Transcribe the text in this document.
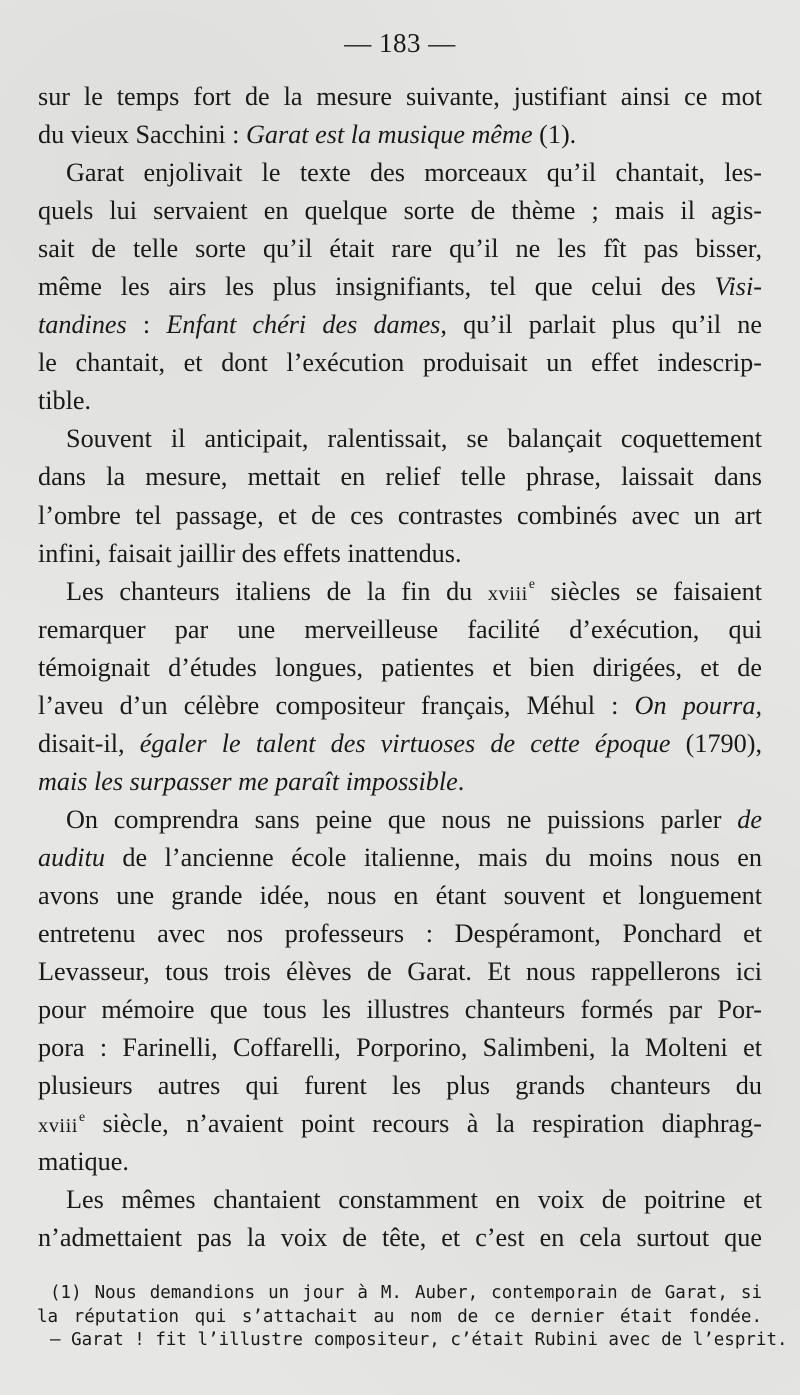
— 183 —
sur le temps fort de la mesure suivante, justifiant ainsi ce mot
du vieux Sacchini : Garat est la musique même (1).
Garat enjolivait le texte des morceaux qu’il chantait, les-
quels lui servaient en quelque sorte de thème ; mais il agis-
sait de telle sorte qu’il était rare qu’il ne les fît pas bisser,
même les airs les plus insignifiants, tel que celui des Visi-
tandines : Enfant chéri des dames, qu’il parlait plus qu’il ne
le chantait, et dont l’exécution produisait un effet indescrip-
tible.
Souvent il anticipait, ralentissait, se balançait coquettement
dans la mesure, mettait en relief telle phrase, laissait dans
l’ombre tel passage, et de ces contrastes combinés avec un art
infini, faisait jaillir des effets inattendus.
Les chanteurs italiens de la fin du xviii$^e$ siècles se faisaient
remarquer par une merveilleuse facilité d’exécution, qui
témoignait d’études longues, patientes et bien dirigées, et de
l’aveu d’un célèbre compositeur français, Méhul : On pourra,
disait-il, égaler le talent des virtuoses de cette époque (1790),
mais les surpasser me paraît impossible.
On comprendra sans peine que nous ne puissions parler de
auditu de l’ancienne école italienne, mais du moins nous en
avons une grande idée, nous en étant souvent et longuement
entretenu avec nos professeurs : Despéramont, Ponchard et
Levasseur, tous trois élèves de Garat. Et nous rappellerons ici
pour mémoire que tous les illustres chanteurs formés par Por-
pora : Farinelli, Coffarelli, Porporino, Salimbeni, la Molteni et
plusieurs autres qui furent les plus grands chanteurs du
xviii$^e$ siècle, n’avaient point recours à la respiration diaphrag-
matique.
Les mêmes chantaient constamment en voix de poitrine et
n’admettaient pas la voix de tête, et c’est en cela surtout que
(1) Nous demandions un jour à M. Auber, contemporain de Garat, si
la réputation qui s’attachait au nom de ce dernier était fondée.
— Garat ! fit l’illustre compositeur, c’était Rubini avec de l’esprit.
